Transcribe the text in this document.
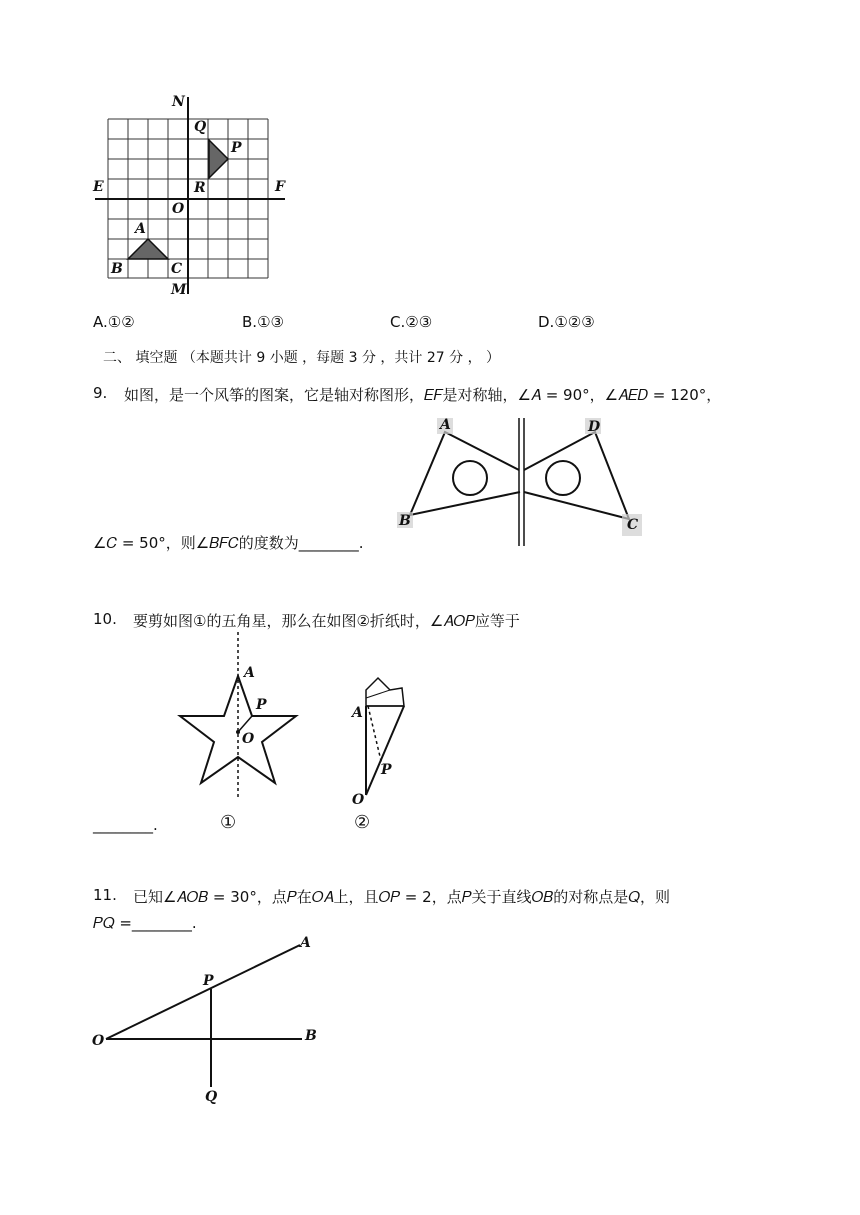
N
Q
P
E	R	F
O
A
B	C
M
A.①②	B.①③	C.②③	D.①②③
二、 填空题 （本题共计 9 小题 ，每题 3 分 ，共计 27 分 ， ）
9. 如图，是一个风筝的图案，它是轴对称图形，𝐸𝐹是对称轴，∠𝐴 = 90°，∠𝐴𝐸𝐷 = 120°，
∠𝐶 = 50°，则∠𝐵𝐹𝐶的度数为________.
A	D
B	C
10. 要剪如图①的五角星，那么在如图②折纸时，∠𝐴𝑂𝑃应等于
________.
A
P
O
①
A
P
O
②
11. 已知∠𝐴𝑂𝐵 = 30°，点𝑃在𝑂𝐴上，且𝑂𝑃 = 2，点𝑃关于直线𝑂𝐵的对称点是𝑄，则
𝑃𝑄 =________.
A
P
O	B
Q
